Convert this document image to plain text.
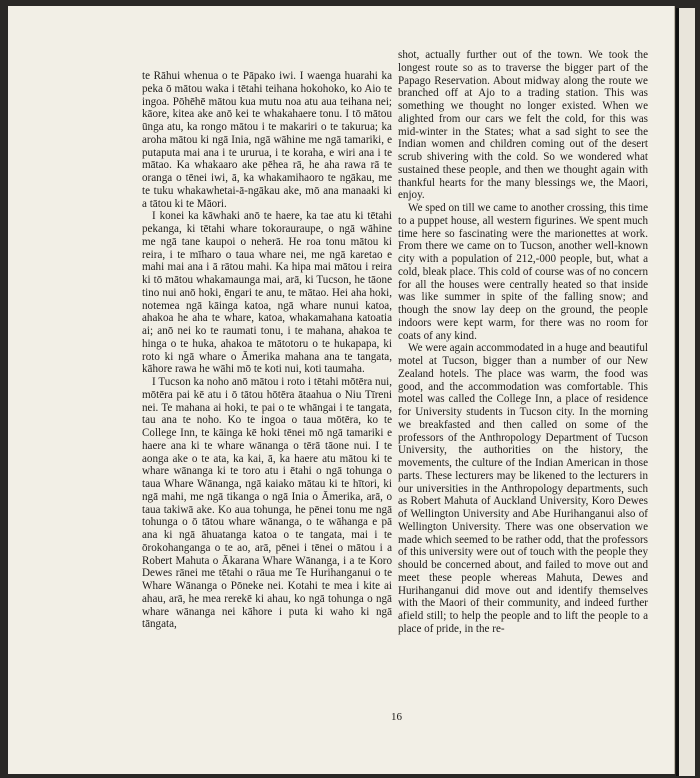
te Rāhui whenua o te Pāpako iwi. I waenga huarahi ka peka ō mātou waka i tētahi teihana hokohoko, ko Aio te ingoa. Pōhēhē mātou kua mutu noa atu aua teihana nei; kāore, kitea ake anō kei te whakahaere tonu. I tō mātou ūnga atu, ka rongo mātou i te makariri o te takurua; ka aroha mātou ki ngā Inia, ngā wāhine me ngā tamariki, e putaputa mai ana i te ururua, i te koraha, e wiri ana i te mātao. Ka whakaaro ake pēhea rā, he aha rawa rā te oranga o tēnei iwi, ā, ka whakamihaoro te ngākau, me te tuku whakawhetai-ā-ngākau ake, mō ana manaaki ki a tātou ki te Māori.

I konei ka kāwhaki anō te haere, ka tae atu ki tētahi pekanga, ki tētahi whare tokorauraupe, o ngā wāhine me ngā tane kaupoi o neherā. He roa tonu mātou ki reira, i te mīharo o taua whare nei, me ngā karetao e mahi mai ana i ā rātou mahi. Ka hipa mai mātou i reira ki tō mātou whakamaunga mai, arā, ki Tucson, he tāone tino nui anō hoki, ēngari te anu, te mātao. Hei aha hoki, notemea ngā kāinga katoa, ngā whare nunui katoa, ahakoa he aha te whare, katoa, whakamahana katoatia ai; anō nei ko te raumati tonu, i te mahana, ahakoa te hinga o te huka, ahakoa te mātotoru o te hukapapa, ki roto ki ngā whare o Āmerika mahana ana te tangata, kāhore rawa he wāhi mō te koti nui, koti taumaha.

I Tucson ka noho anō mātou i roto i tētahi mōtēra nui, mōtēra pai kē atu i ō tātou hōtēra ātaahua o Niu Tīreni nei. Te mahana ai hoki, te pai o te whāngai i te tangata, tau ana te noho. Ko te ingoa o taua mōtēra, ko te College Inn, te kāinga kē hoki tēnei mō ngā tamariki e haere ana ki te whare wānanga o tērā tāone nui. I te aonga ake o te ata, ka kai, ā, ka haere atu mātou ki te whare wānanga ki te toro atu i ētahi o ngā tohunga o taua Whare Wānanga, ngā kaiako mātau ki te hītori, ki ngā mahi, me ngā tikanga o ngā Inia o Āmerika, arā, o taua takiwā ake. Ko aua tohunga, he pēnei tonu me ngā tohunga o ō tātou whare wānanga, o te wāhanga e pā ana ki ngā āhuatanga katoa o te tangata, mai i te ōrokohanganga o te ao, arā, pēnei i tēnei o mātou i a Robert Mahuta o Ākarana Whare Wānanga, i a te Koro Dewes rānei me tētahi o rāua me Te Hurihanganui o te Whare Wānanga o Pōneke nei. Kotahi te mea i kite ai ahau, arā, he mea rerekē ki ahau, ko ngā tohunga o ngā whare wānanga nei kāhore i puta ki waho ki ngā tāngata,

shot, actually further out of the town. We took the longest route so as to traverse the bigger part of the Papago Reservation. About midway along the route we branched off at Ajo to a trading station. This was something we thought no longer existed. When we alighted from our cars we felt the cold, for this was mid-winter in the States; what a sad sight to see the Indian women and children coming out of the desert scrub shivering with the cold. So we wondered what sustained these people, and then we thought again with thankful hearts for the many blessings we, the Maori, enjoy.

We sped on till we came to another crossing, this time to a puppet house, all western figurines. We spent much time here so fascinating were the marionettes at work. From there we came on to Tucson, another well-known city with a population of 212,-000 people, but, what a cold, bleak place. This cold of course was of no concern for all the houses were centrally heated so that inside was like summer in spite of the falling snow; and though the snow lay deep on the ground, the people indoors were kept warm, for there was no room for coats of any kind.

We were again accommodated in a huge and beautiful motel at Tucson, bigger than a number of our New Zealand hotels. The place was warm, the food was good, and the accommodation was comfortable. This motel was called the College Inn, a place of residence for University students in Tucson city. In the morning we breakfasted and then called on some of the professors of the Anthropology Department of Tucson University, the authorities on the history, the movements, the culture of the Indian American in those parts. These lecturers may be likened to the lecturers in our universities in the Anthropology departments, such as Robert Mahuta of Auckland University, Koro Dewes of Wellington University and Abe Hurihanganui also of Wellington University. There was one observation we made which seemed to be rather odd, that the professors of this university were out of touch with the people they should be concerned about, and failed to move out and meet these people whereas Mahuta, Dewes and Hurihanganui did move out and identify themselves with the Maori of their community, and indeed further afield still; to help the people and to lift the people to a place of pride, in the re-

16
